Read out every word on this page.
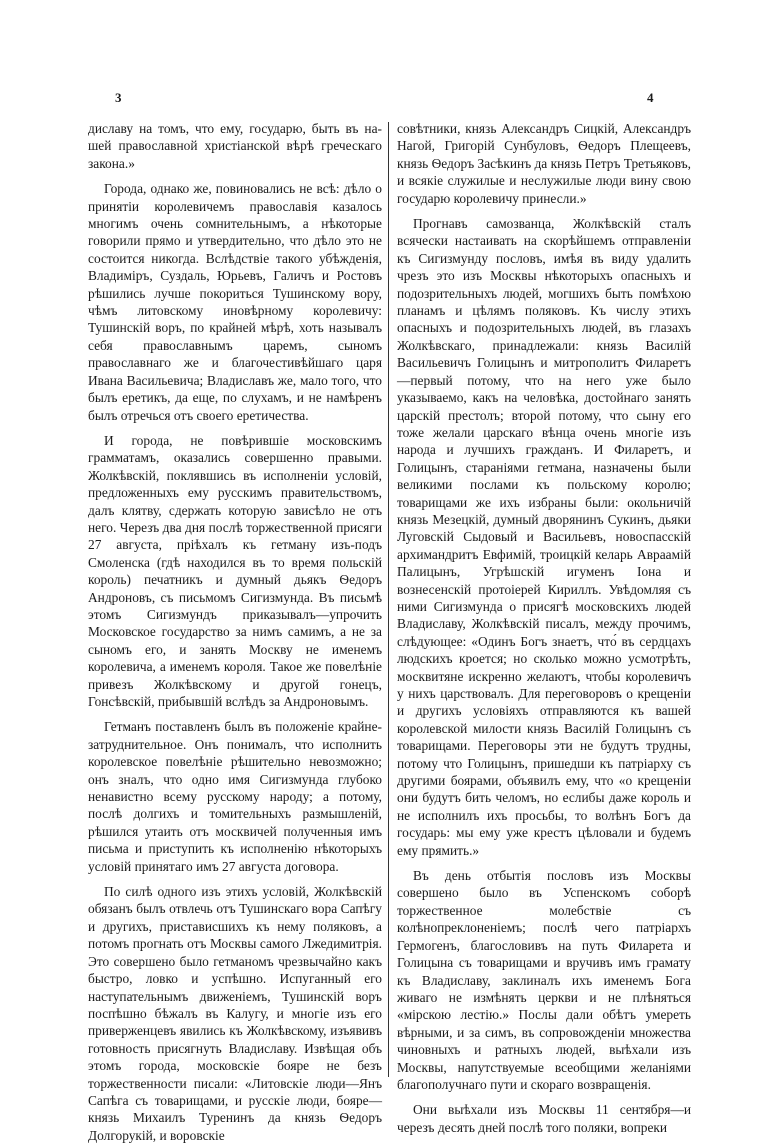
3	4

диславу на томъ, что ему, государю, быть въ на-шей православной христіанской вѣрѣ греческаго закона.»

Города, однако же, повиновались не всѣ: дѣло о принятіи королевичемъ православія казалось многимъ очень сомнительнымъ, а нѣкоторые говорили прямо и утвердительно, что дѣло это не состоится никогда. Вслѣдствіе такого убѣжденія, Владиміръ, Суздаль, Юрьевъ, Галичъ и Ростовъ рѣшились лучше покориться Тушинскому вору, чѣмъ литовскому иновѣрному королевичу: Тушинскій воръ, по крайней мѣрѣ, хоть называлъ себя православнымъ царемъ, сыномъ православнаго же и благочестивѣйшаго царя Ивана Васильевича; Владиславъ же, мало того, что былъ еретикъ, да еще, по слухамъ, и не намѣренъ былъ отречься отъ своего еретичества.

И города, не повѣрившіе московскимъ грамматамъ, оказались совершенно правыми. Жолкѣвскій, поклявшись въ исполненіи условій, предложенныхъ ему русскимъ правительствомъ, далъ клятву, сдержать которую зависѣло не отъ него. Черезъ два дня послѣ торжественной присяги 27 августа, пріѣхалъ къ гетману изъ-подъ Смоленска (гдѣ находился въ то время польскій король) печатникъ и думный дьякъ Ѳедоръ Андроновъ, съ письмомъ Сигизмунда. Въ письмѣ этомъ Сигизмундъ приказывалъ—упрочить Московское государство за нимъ самимъ, а не за сыномъ его, и занять Москву не именемъ королевича, а именемъ короля. Такое же повелѣніе привезъ Жолкѣвскому и другой гонецъ, Гонсѣвскій, прибывшій вслѣдъ за Андроновымъ.

Гетманъ поставленъ былъ въ положеніе крайне-затруднительное. Онъ понималъ, что исполнить королевское повелѣніе рѣшительно невозможно; онъ зналъ, что одно имя Сигизмунда глубоко ненавистно всему русскому народу; а потому, послѣ долгихъ и томительныхъ размышленій, рѣшился утаить отъ москвичей полученныя имъ письма и приступить къ исполненію нѣкоторыхъ условій принятаго имъ 27 августа договора.

По силѣ одного изъ этихъ условій, Жолкѣвскій обязанъ былъ отвлечь отъ Тушинскаго вора Сапѣгу и другихъ, пристависшихъ къ нему поляковъ, а потомъ прогнать отъ Москвы самого Лжедимитрія. Это совершено было гетманомъ чрезвычайно какъ быстро, ловко и успѣшно. Испуганный его наступательнымъ движеніемъ, Тушинскій воръ поспѣшно бѣжалъ въ Калугу, и многіе изъ его приверженцевъ явились къ Жолкѣвскому, изъявивъ готовность присягнуть Владиславу. Извѣщая объ этомъ города, московскіе бояре не безъ торжественности писали: «Литовскіе люди—Янъ Сапѣга съ товарищами, и русскіе люди, бояре—князь Михаилъ Туренинъ да князь Ѳедоръ Долгорукій, и воровскіе

совѣтники, князь Александръ Сицкій, Александръ Нагой, Григорій Сунбуловъ, Ѳедоръ Плещеевъ, князь Ѳедоръ Засѣкинъ да князь Петръ Третьяковъ, и всякіе служилые и неслужилые люди вину свою государю королевичу принесли.»

Прогнавъ самозванца, Жолкѣвскій сталъ всячески настаивать на скорѣйшемъ отправленіи къ Сигизмунду пословъ, имѣя въ виду удалить чрезъ это изъ Москвы нѣкоторыхъ опасныхъ и подозрительныхъ людей, могшихъ быть помѣхою планамъ и цѣлямъ поляковъ. Къ числу этихъ опасныхъ и подозрительныхъ людей, въ глазахъ Жолкѣвскаго, принадлежали: князь Василій Васильевичъ Голицынъ и митрополитъ Филаретъ—первый потому, что на него уже было указываемо, какъ на человѣка, достойнаго занять царскій престолъ; второй потому, что сыну его тоже желали царскаго вѣнца очень многіе изъ народа и лучшихъ гражданъ. И Филаретъ, и Голицынъ, стараніями гетмана, назначены были великими послами къ польскому королю; товарищами же ихъ избраны были: окольничій князь Мезецкій, думный дворянинъ Сукинъ, дьяки Луговскій Сыдовый и Васильевъ, новоспасскій архимандритъ Евфимій, троицкій келарь Авраамій Палицынъ, Угрѣшскій игуменъ Іона и вознесенскій протоіерей Кириллъ. Увѣдомляя съ ними Сигизмунда о присягѣ московскихъ людей Владиславу, Жолкѣвскій писалъ, между прочимъ, слѣдующее: «Одинъ Богъ знаетъ, что́ въ сердцахъ людскихъ кроется; но сколько можно усмотрѣть, москвитяне искренно желаютъ, чтобы королевичъ у нихъ царствовалъ. Для переговоровъ о крещеніи и другихъ условіяхъ отправляются къ вашей королевской милости князь Василій Голицынъ съ товарищами. Переговоры эти не будутъ трудны, потому что Голицынъ, пришедши къ патріарху съ другими боярами, объявилъ ему, что «о крещеніи они будутъ бить челомъ, но еслибы даже король и не исполнилъ ихъ просьбы, то волѣнъ Богъ да государь: мы ему уже крестъ цѣловали и будемъ ему прямить.»

Въ день отбытія пословъ изъ Москвы совершено было въ Успенскомъ соборѣ торжественное молебствіе съ колѣнопреклоненіемъ; послѣ чего патріархъ Гермогенъ, благословивъ на путь Филарета и Голицына съ товарищами и вручивъ имъ грамату къ Владиславу, заклиналъ ихъ именемъ Бога живаго не измѣнять церкви и не плѣняться «мірскою лестію.» Послы дали обѣтъ умереть вѣрными, и за симъ, въ сопровожденіи множества чиновныхъ и ратныхъ людей, выѣхали изъ Москвы, напутствуемые всеобщими желаніями благополучнаго пути и скораго возвращенія.

Они выѣхали изъ Москвы 11 сентября—и черезъ десять дней послѣ того поляки, вопреки
